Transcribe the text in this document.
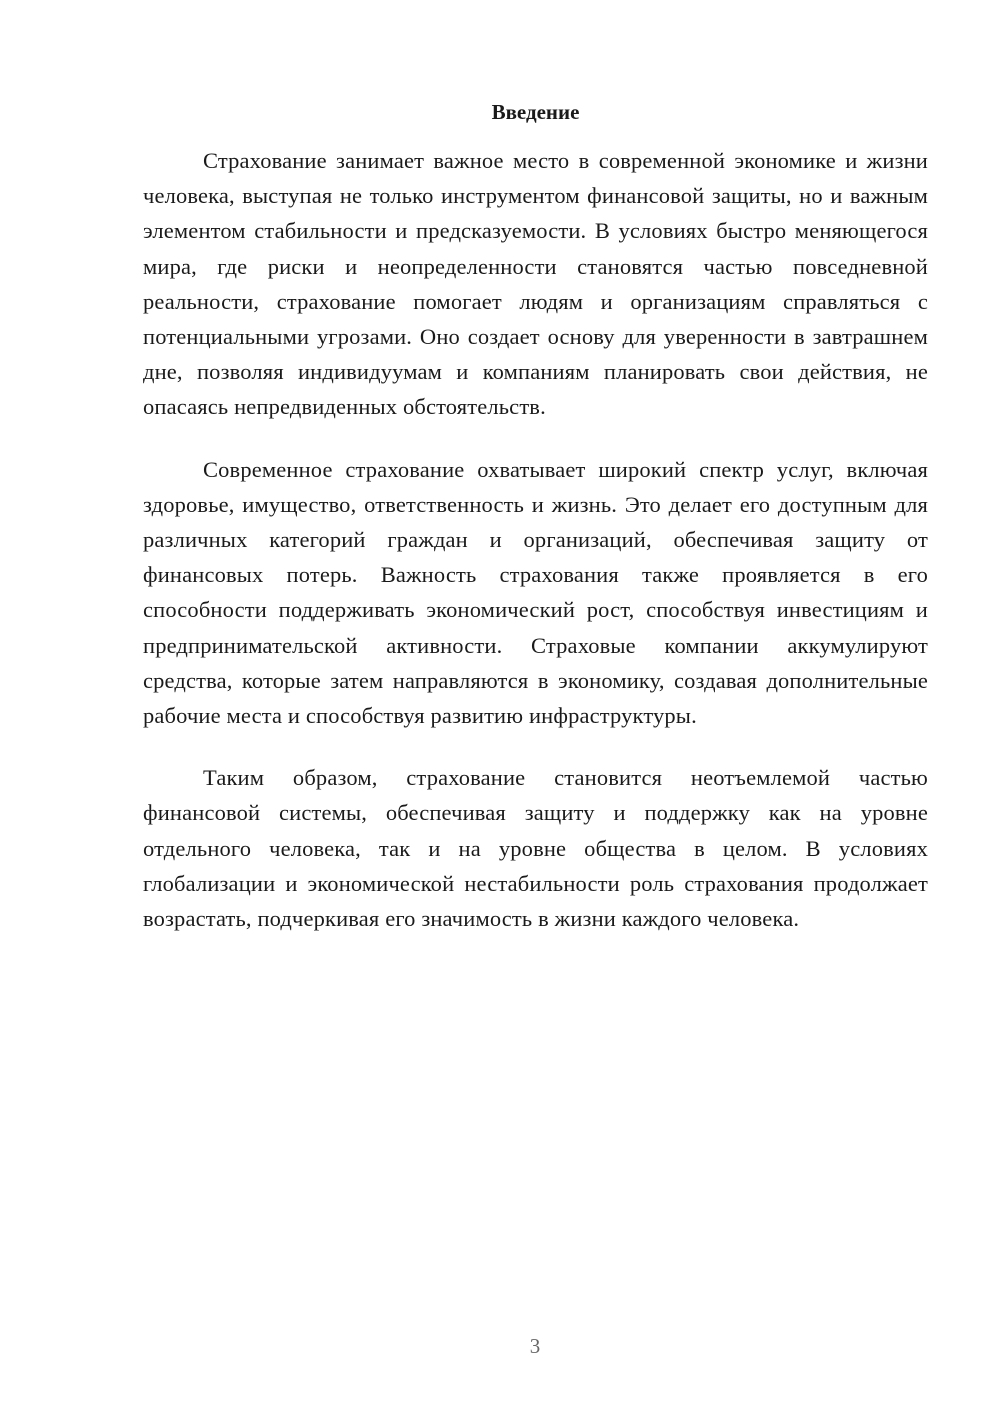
Введение

Страхование занимает важное место в современной экономике и жизни человека, выступая не только инструментом финансовой защиты, но и важным элементом стабильности и предсказуемости. В условиях быстро меняющегося мира, где риски и неопределенности становятся частью повседневной реальности, страхование помогает людям и организациям справляться с потенциальными угрозами. Оно создает основу для уверенности в завтрашнем дне, позволяя индивидуумам и компаниям планировать свои действия, не опасаясь непредвиденных обстоятельств.

Современное страхование охватывает широкий спектр услуг, включая здоровье, имущество, ответственность и жизнь. Это делает его доступным для различных категорий граждан и организаций, обеспечивая защиту от финансовых потерь. Важность страхования также проявляется в его способности поддерживать экономический рост, способствуя инвестициям и предпринимательской активности. Страховые компании аккумулируют средства, которые затем направляются в экономику, создавая дополнительные рабочие места и способствуя развитию инфраструктуры.

Таким образом, страхование становится неотъемлемой частью финансовой системы, обеспечивая защиту и поддержку как на уровне отдельного человека, так и на уровне общества в целом. В условиях глобализации и экономической нестабильности роль страхования продолжает возрастать, подчеркивая его значимость в жизни каждого человека.

3
